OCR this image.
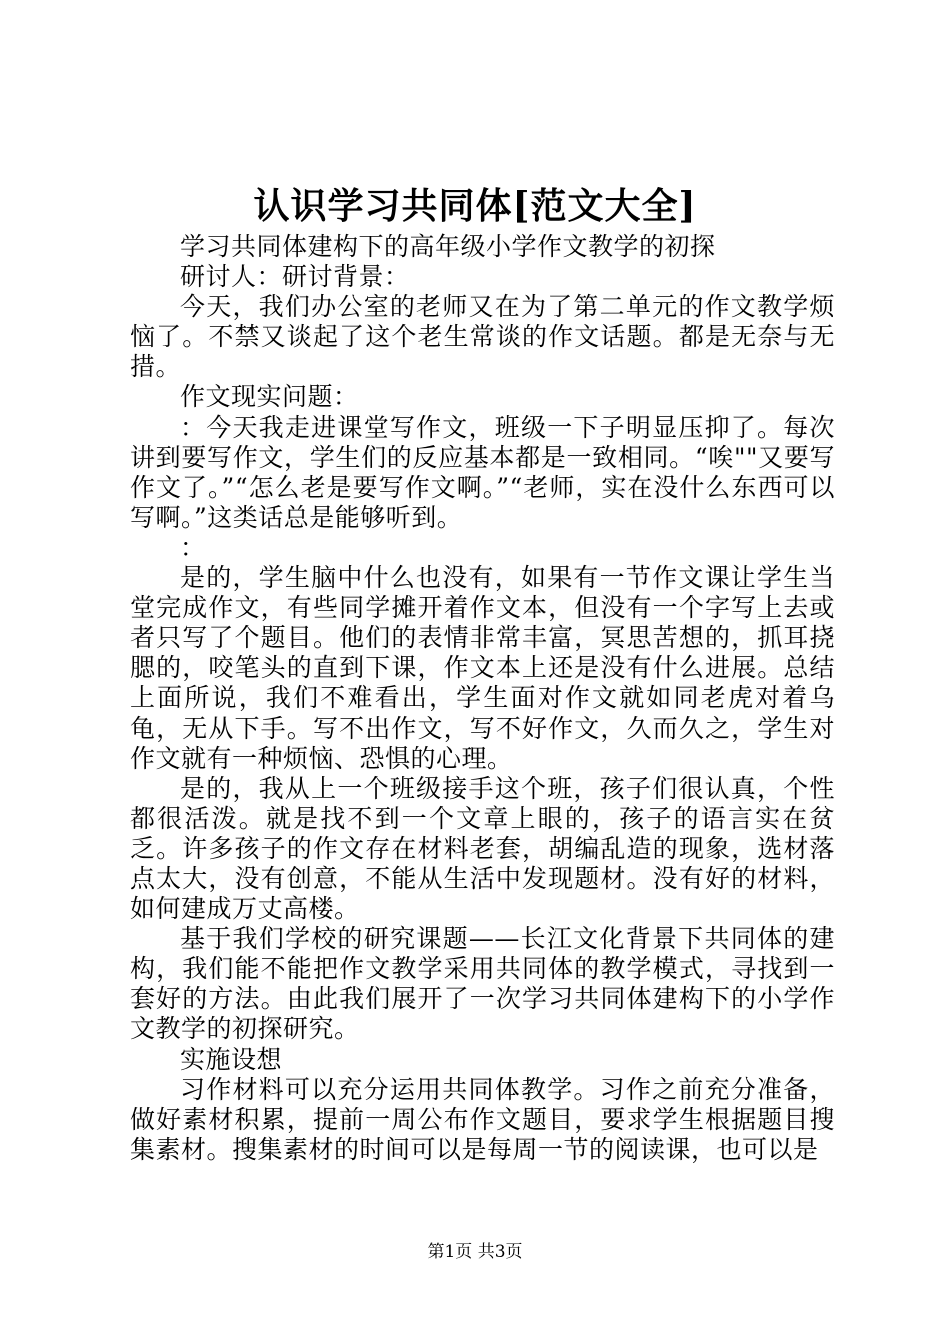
认识学习共同体[范文大全]

学习共同体建构下的高年级小学作文教学的初探

研讨人：研讨背景：

今天，我们办公室的老师又在为了第二单元的作文教学烦恼了。不禁又谈起了这个老生常谈的作文话题。都是无奈与无措。

作文现实问题：

：今天我走进课堂写作文，班级一下子明显压抑了。每次讲到要写作文，学生们的反应基本都是一致相同。“唉""又要写作文了。”“怎么老是要写作文啊。”“老师，实在没什么东西可以写啊。”这类话总是能够听到。

：

是的，学生脑中什么也没有，如果有一节作文课让学生当堂完成作文，有些同学摊开着作文本，但没有一个字写上去或者只写了个题目。他们的表情非常丰富，冥思苦想的，抓耳挠腮的，咬笔头的直到下课，作文本上还是没有什么进展。总结上面所说，我们不难看出，学生面对作文就如同老虎对着乌龟，无从下手。写不出作文，写不好作文，久而久之，学生对作文就有一种烦恼、恐惧的心理。

是的，我从上一个班级接手这个班，孩子们很认真，个性都很活泼。就是找不到一个文章上眼的，孩子的语言实在贫乏。许多孩子的作文存在材料老套，胡编乱造的现象，选材落点太大，没有创意，不能从生活中发现题材。没有好的材料，如何建成万丈高楼。

基于我们学校的研究课题——长江文化背景下共同体的建构，我们能不能把作文教学采用共同体的教学模式，寻找到一套好的方法。由此我们展开了一次学习共同体建构下的小学作文教学的初探研究。

实施设想

习作材料可以充分运用共同体教学。习作之前充分准备，做好素材积累，提前一周公布作文题目，要求学生根据题目搜集素材。搜集素材的时间可以是每周一节的阅读课，也可以是

第1页 共3页
